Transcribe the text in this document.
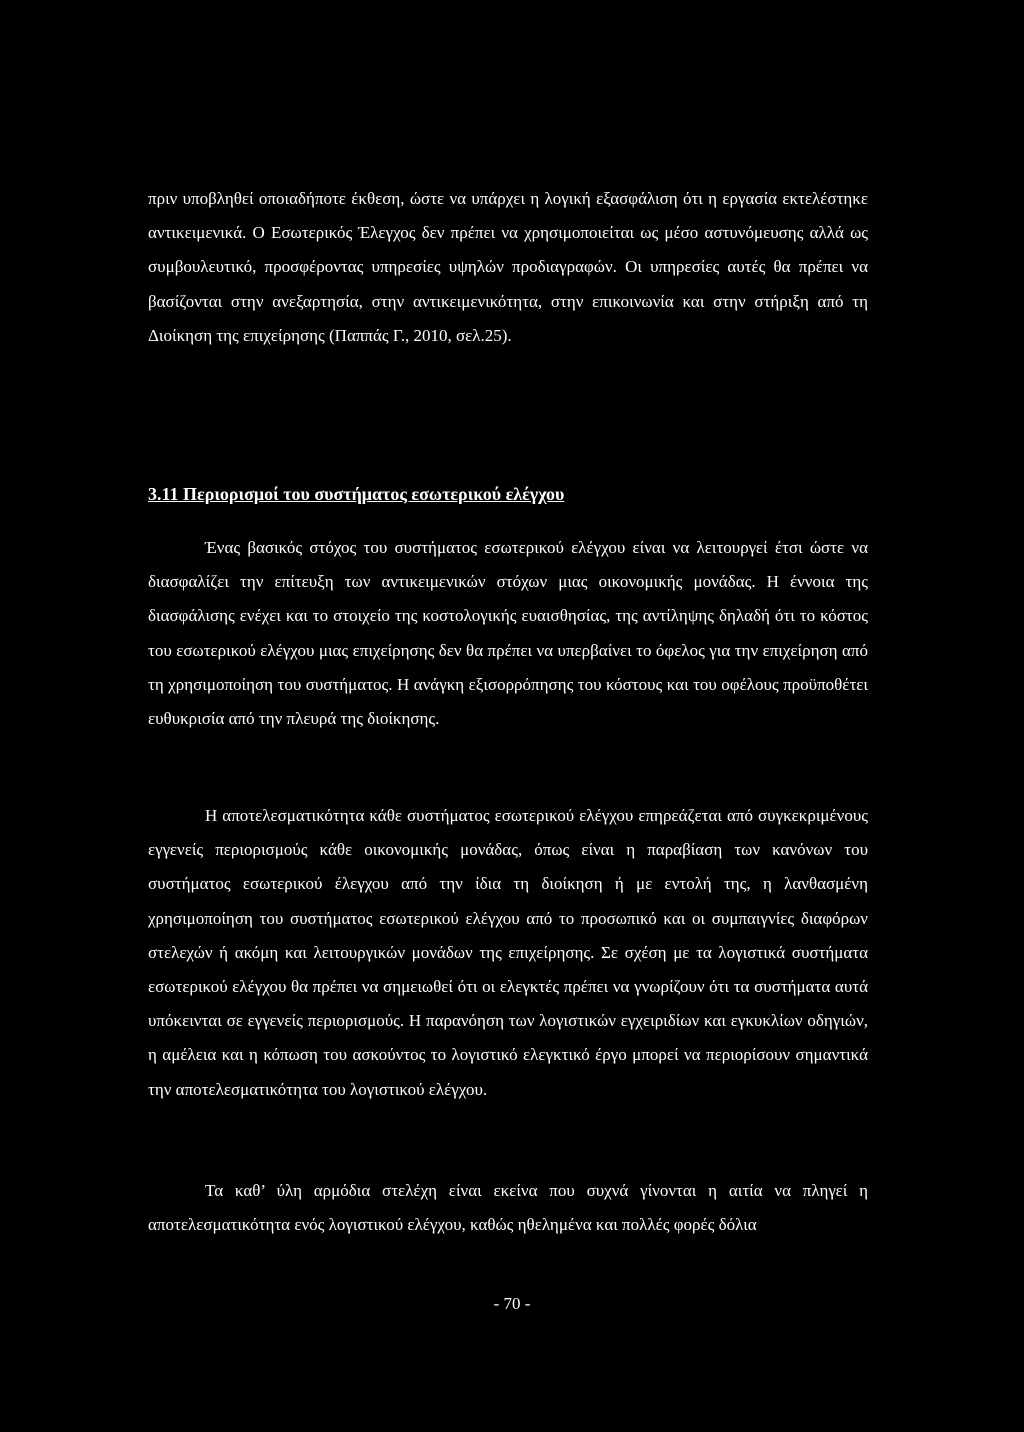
πριν υποβληθεί οποιαδήποτε έκθεση, ώστε να υπάρχει η λογική εξασφάλιση ότι η εργασία εκτελέστηκε αντικειμενικά. Ο Εσωτερικός Έλεγχος δεν πρέπει να χρησιμοποιείται ως μέσο αστυνόμευσης αλλά ως συμβουλευτικό, προσφέροντας υπηρεσίες υψηλών προδιαγραφών. Οι υπηρεσίες αυτές θα πρέπει να βασίζονται στην ανεξαρτησία, στην αντικειμενικότητα, στην επικοινωνία και στην στήριξη από τη Διοίκηση της επιχείρησης (Παππάς Γ., 2010, σελ.25).

3.11 Περιορισμοί του συστήματος εσωτερικού ελέγχου

Ένας βασικός στόχος του συστήματος εσωτερικού ελέγχου είναι να λειτουργεί έτσι ώστε να διασφαλίζει την επίτευξη των αντικειμενικών στόχων μιας οικονομικής μονάδας. Η έννοια της διασφάλισης ενέχει και το στοιχείο της κοστολογικής ευαισθησίας, της αντίληψης δηλαδή ότι το κόστος του εσωτερικού ελέγχου μιας επιχείρησης δεν θα πρέπει να υπερβαίνει το όφελος για την επιχείρηση από τη χρησιμοποίηση του συστήματος. Η ανάγκη εξισορρόπησης του κόστους και του οφέλους προϋποθέτει ευθυκρισία από την πλευρά της διοίκησης.

Η αποτελεσματικότητα κάθε συστήματος εσωτερικού ελέγχου επηρεάζεται από συγκεκριμένους εγγενείς περιορισμούς κάθε οικονομικής μονάδας, όπως είναι η παραβίαση των κανόνων του συστήματος εσωτερικού έλεγχου από την ίδια τη διοίκηση ή με εντολή της, η λανθασμένη χρησιμοποίηση του συστήματος εσωτερικού ελέγχου από το προσωπικό και οι συμπαιγνίες διαφόρων στελεχών ή ακόμη και λειτουργικών μονάδων της επιχείρησης. Σε σχέση με τα λογιστικά συστήματα εσωτερικού ελέγχου θα πρέπει να σημειωθεί ότι οι ελεγκτές πρέπει να γνωρίζουν ότι τα συστήματα αυτά υπόκεινται σε εγγενείς περιορισμούς. Η παρανόηση των λογιστικών εγχειριδίων και εγκυκλίων οδηγιών, η αμέλεια και η κόπωση του ασκούντος το λογιστικό ελεγκτικό έργο μπορεί να περιορίσουν σημαντικά την αποτελεσματικότητα του λογιστικού ελέγχου.

Τα καθ’ ύλη αρμόδια στελέχη είναι εκείνα που συχνά γίνονται η αιτία να πληγεί η αποτελεσματικότητα ενός λογιστικού ελέγχου, καθώς ηθελημένα και πολλές φορές δόλια

- 70 -
